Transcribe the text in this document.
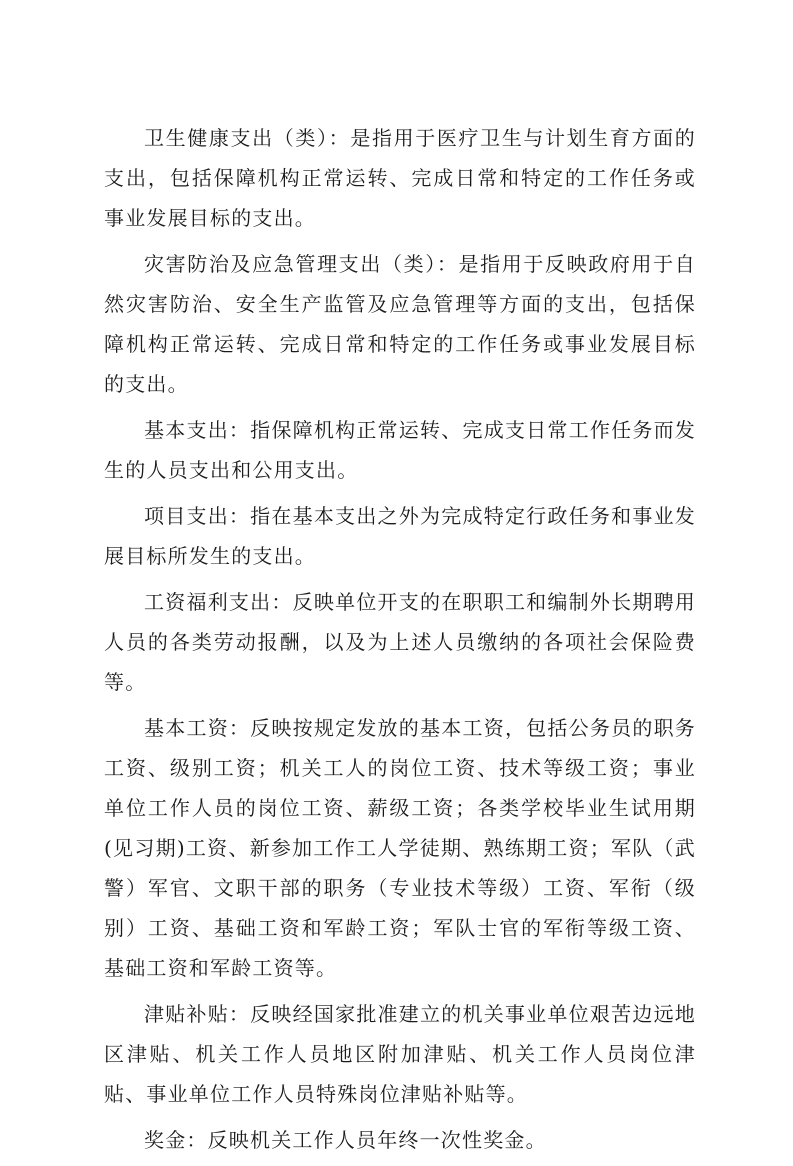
卫生健康支出（类）：是指用于医疗卫生与计划生育方面的支出，包括保障机构正常运转、完成日常和特定的工作任务或事业发展目标的支出。

灾害防治及应急管理支出（类）：是指用于反映政府用于自然灾害防治、安全生产监管及应急管理等方面的支出，包括保障机构正常运转、完成日常和特定的工作任务或事业发展目标的支出。

基本支出：指保障机构正常运转、完成支日常工作任务而发生的人员支出和公用支出。

项目支出：指在基本支出之外为完成特定行政任务和事业发展目标所发生的支出。

工资福利支出：反映单位开支的在职职工和编制外长期聘用人员的各类劳动报酬，以及为上述人员缴纳的各项社会保险费等。

基本工资：反映按规定发放的基本工资，包括公务员的职务工资、级别工资；机关工人的岗位工资、技术等级工资；事业单位工作人员的岗位工资、薪级工资；各类学校毕业生试用期(见习期)工资、新参加工作工人学徒期、熟练期工资；军队（武警）军官、文职干部的职务（专业技术等级）工资、军衔（级别）工资、基础工资和军龄工资；军队士官的军衔等级工资、基础工资和军龄工资等。

津贴补贴：反映经国家批准建立的机关事业单位艰苦边远地区津贴、机关工作人员地区附加津贴、机关工作人员岗位津贴、事业单位工作人员特殊岗位津贴补贴等。

奖金：反映机关工作人员年终一次性奖金。
